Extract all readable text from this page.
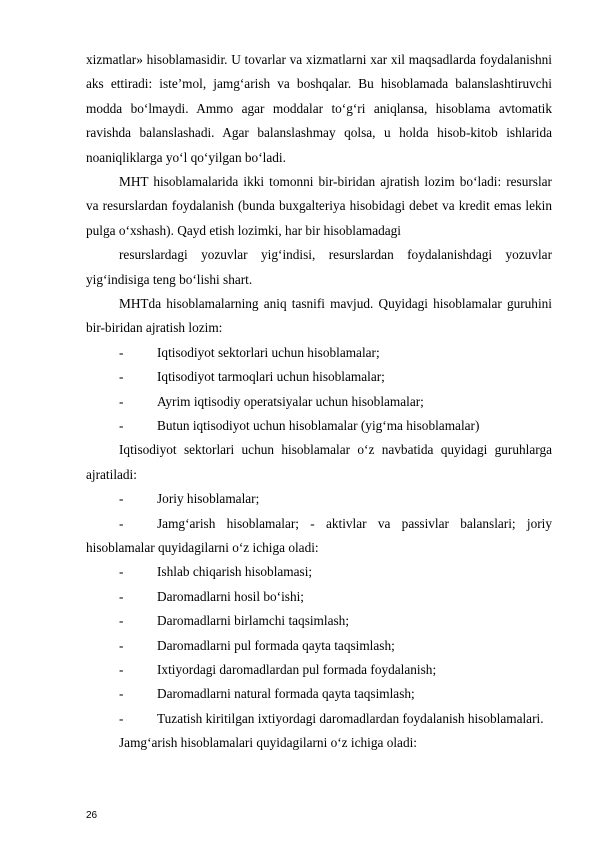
xizmatlar» hisoblamasidir. U tovarlar va xizmatlarni xar xil maqsadlarda foydalanishni aks ettiradi: iste’mol, jamg‘arish va boshqalar. Bu hisoblamada balanslashtiruvchi modda bo‘lmaydi. Ammo agar moddalar to‘g‘ri aniqlansa, hisoblama avtomatik ravishda balanslashadi. Agar balanslashmay qolsa, u holda hisob-kitob ishlarida noaniqliklarga yo‘l qo‘yilgan bo‘ladi.

MHT hisoblamalarida ikki tomonni bir-biridan ajratish lozim bo‘ladi: resurslar va resurslardan foydalanish (bunda buxgalteriya hisobidagi debet va kredit emas lekin pulga o‘xshash). Qayd etish lozimki, har bir hisoblamadagi

resurslardagi yozuvlar yig‘indisi, resurslardan foydalanishdagi yozuvlar yig‘indisiga teng bo‘lishi shart.

MHTda hisoblamalarning aniq tasnifi mavjud. Quyidagi hisoblamalar guruhini bir-biridan ajratish lozim:

-	Iqtisodiyot sektorlari uchun hisoblamalar;

-	Iqtisodiyot tarmoqlari uchun hisoblamalar;

-	Ayrim iqtisodiy operatsiyalar uchun hisoblamalar;

-	Butun iqtisodiyot uchun hisoblamalar (yig‘ma hisoblamalar)

Iqtisodiyot sektorlari uchun hisoblamalar o‘z navbatida quyidagi guruhlarga ajratiladi:

-	Joriy hisoblamalar;

-	Jamg‘arish hisoblamalar; - aktivlar va passivlar balanslari; joriy hisoblamalar quyidagilarni o‘z ichiga oladi:

-	Ishlab chiqarish hisoblamasi;

-	Daromadlarni hosil bo‘ishi;

-	Daromadlarni birlamchi taqsimlash;

-	Daromadlarni pul formada qayta taqsimlash;

-	Ixtiyordagi daromadlardan pul formada foydalanish;

-	Daromadlarni natural formada qayta taqsimlash;

-	Tuzatish kiritilgan ixtiyordagi daromadlardan foydalanish hisoblamalari.

Jamg‘arish hisoblamalari quyidagilarni o‘z ichiga oladi:

26
